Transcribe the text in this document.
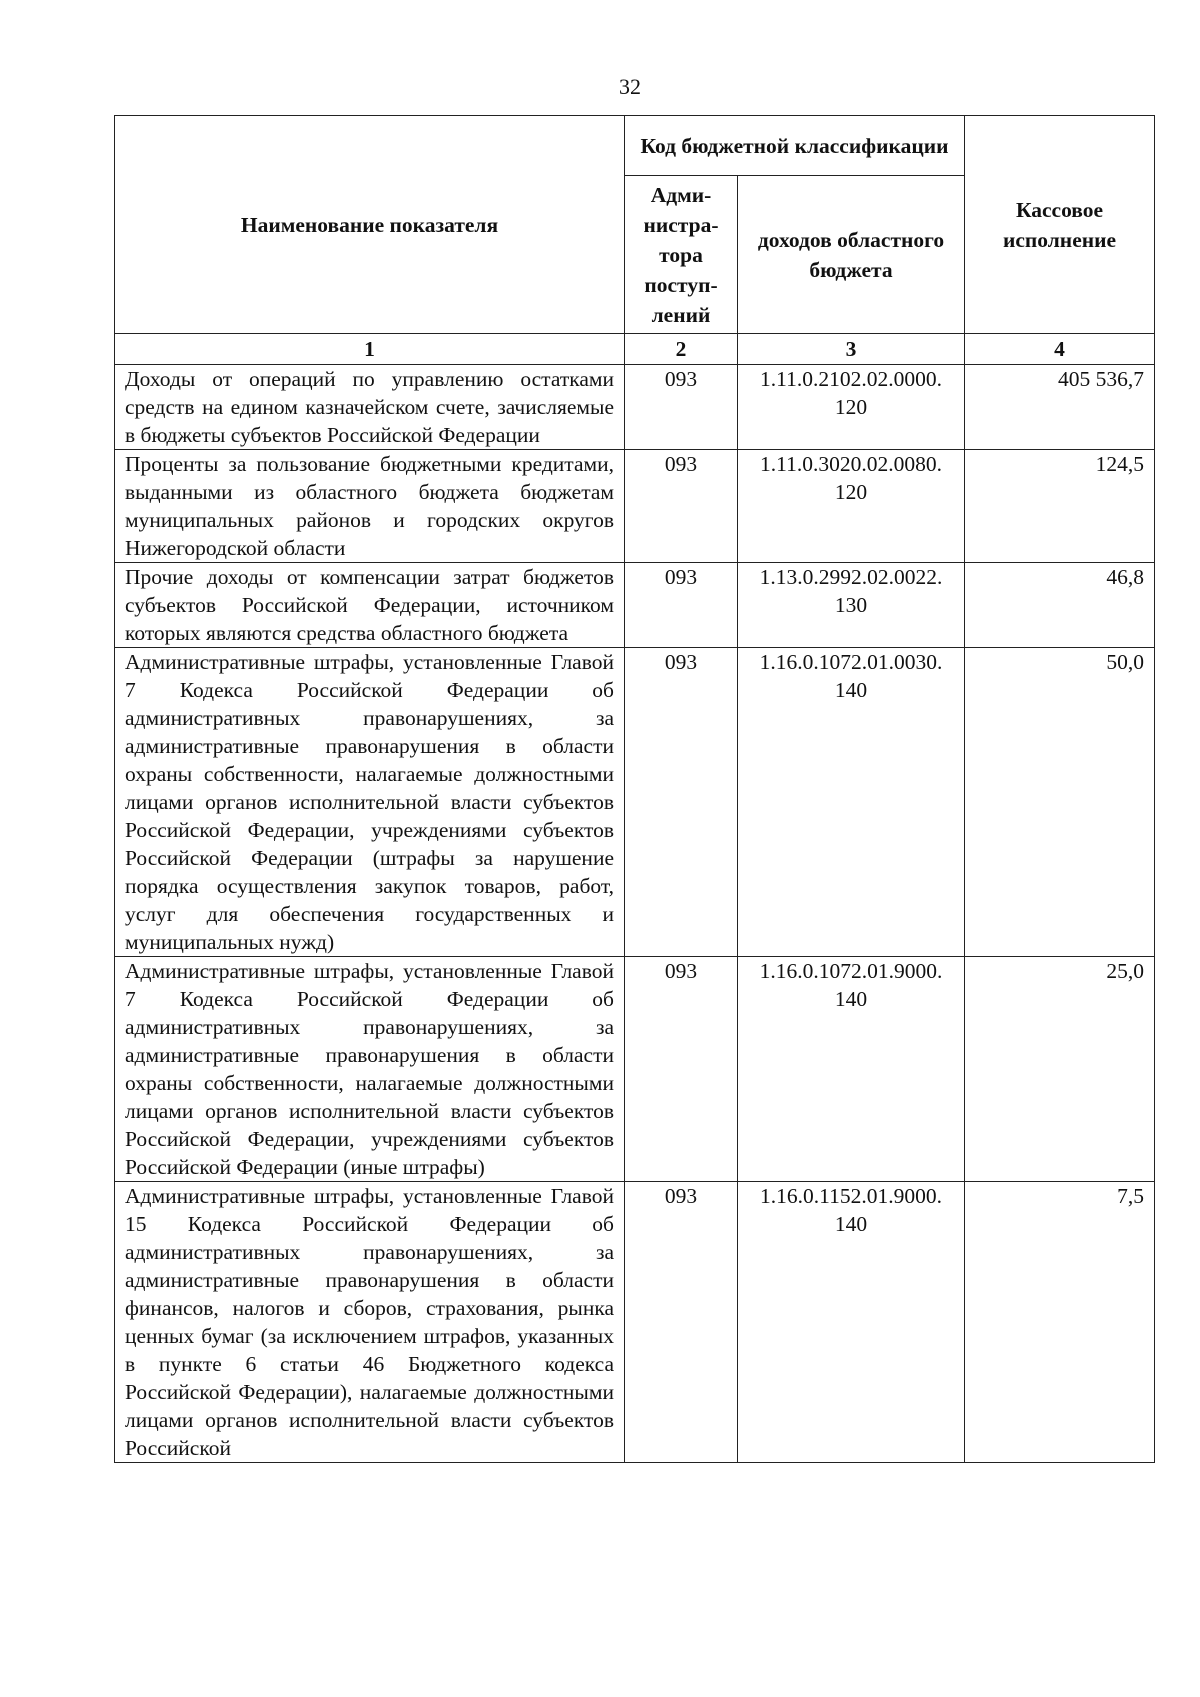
32
Наименование показателя	Код бюджетной классификации		Кассовое исполнение
	Адми-нистра-тора поступ-лений	доходов областного бюджета	
1	2	3	4
Доходы от операций по управлению остатками средств на едином казначейском счете, зачисляемые в бюджеты субъектов Российской Федерации	093	1.11.0.2102.02.0000. 120	405 536,7
Проценты за пользование бюджетными кредитами, выданными из областного бюджета бюджетам муниципальных районов и городских округов Нижегородской области	093	1.11.0.3020.02.0080. 120	124,5
Прочие доходы от компенсации затрат бюджетов субъектов Российской Федерации, источником которых являются средства областного бюджета	093	1.13.0.2992.02.0022. 130	46,8
Административные штрафы, установленные Главой 7 Кодекса Российской Федерации об административных правонарушениях, за административные правонарушения в области охраны собственности, налагаемые должностными лицами органов исполнительной власти субъектов Российской Федерации, учреждениями субъектов Российской Федерации (штрафы за нарушение порядка осуществления закупок товаров, работ, услуг для обеспечения государственных и муниципальных нужд)	093	1.16.0.1072.01.0030. 140	50,0
Административные штрафы, установленные Главой 7 Кодекса Российской Федерации об административных правонарушениях, за административные правонарушения в области охраны собственности, налагаемые должностными лицами органов исполнительной власти субъектов Российской Федерации, учреждениями субъектов Российской Федерации (иные штрафы)	093	1.16.0.1072.01.9000. 140	25,0
Административные штрафы, установленные Главой 15 Кодекса Российской Федерации об административных правонарушениях, за административные правонарушения в области финансов, налогов и сборов, страхования, рынка ценных бумаг (за исключением штрафов, указанных в пункте 6 статьи 46 Бюджетного кодекса Российской Федерации), налагаемые должностными лицами органов исполнительной власти субъектов Российской	093	1.16.0.1152.01.9000. 140	7,5
